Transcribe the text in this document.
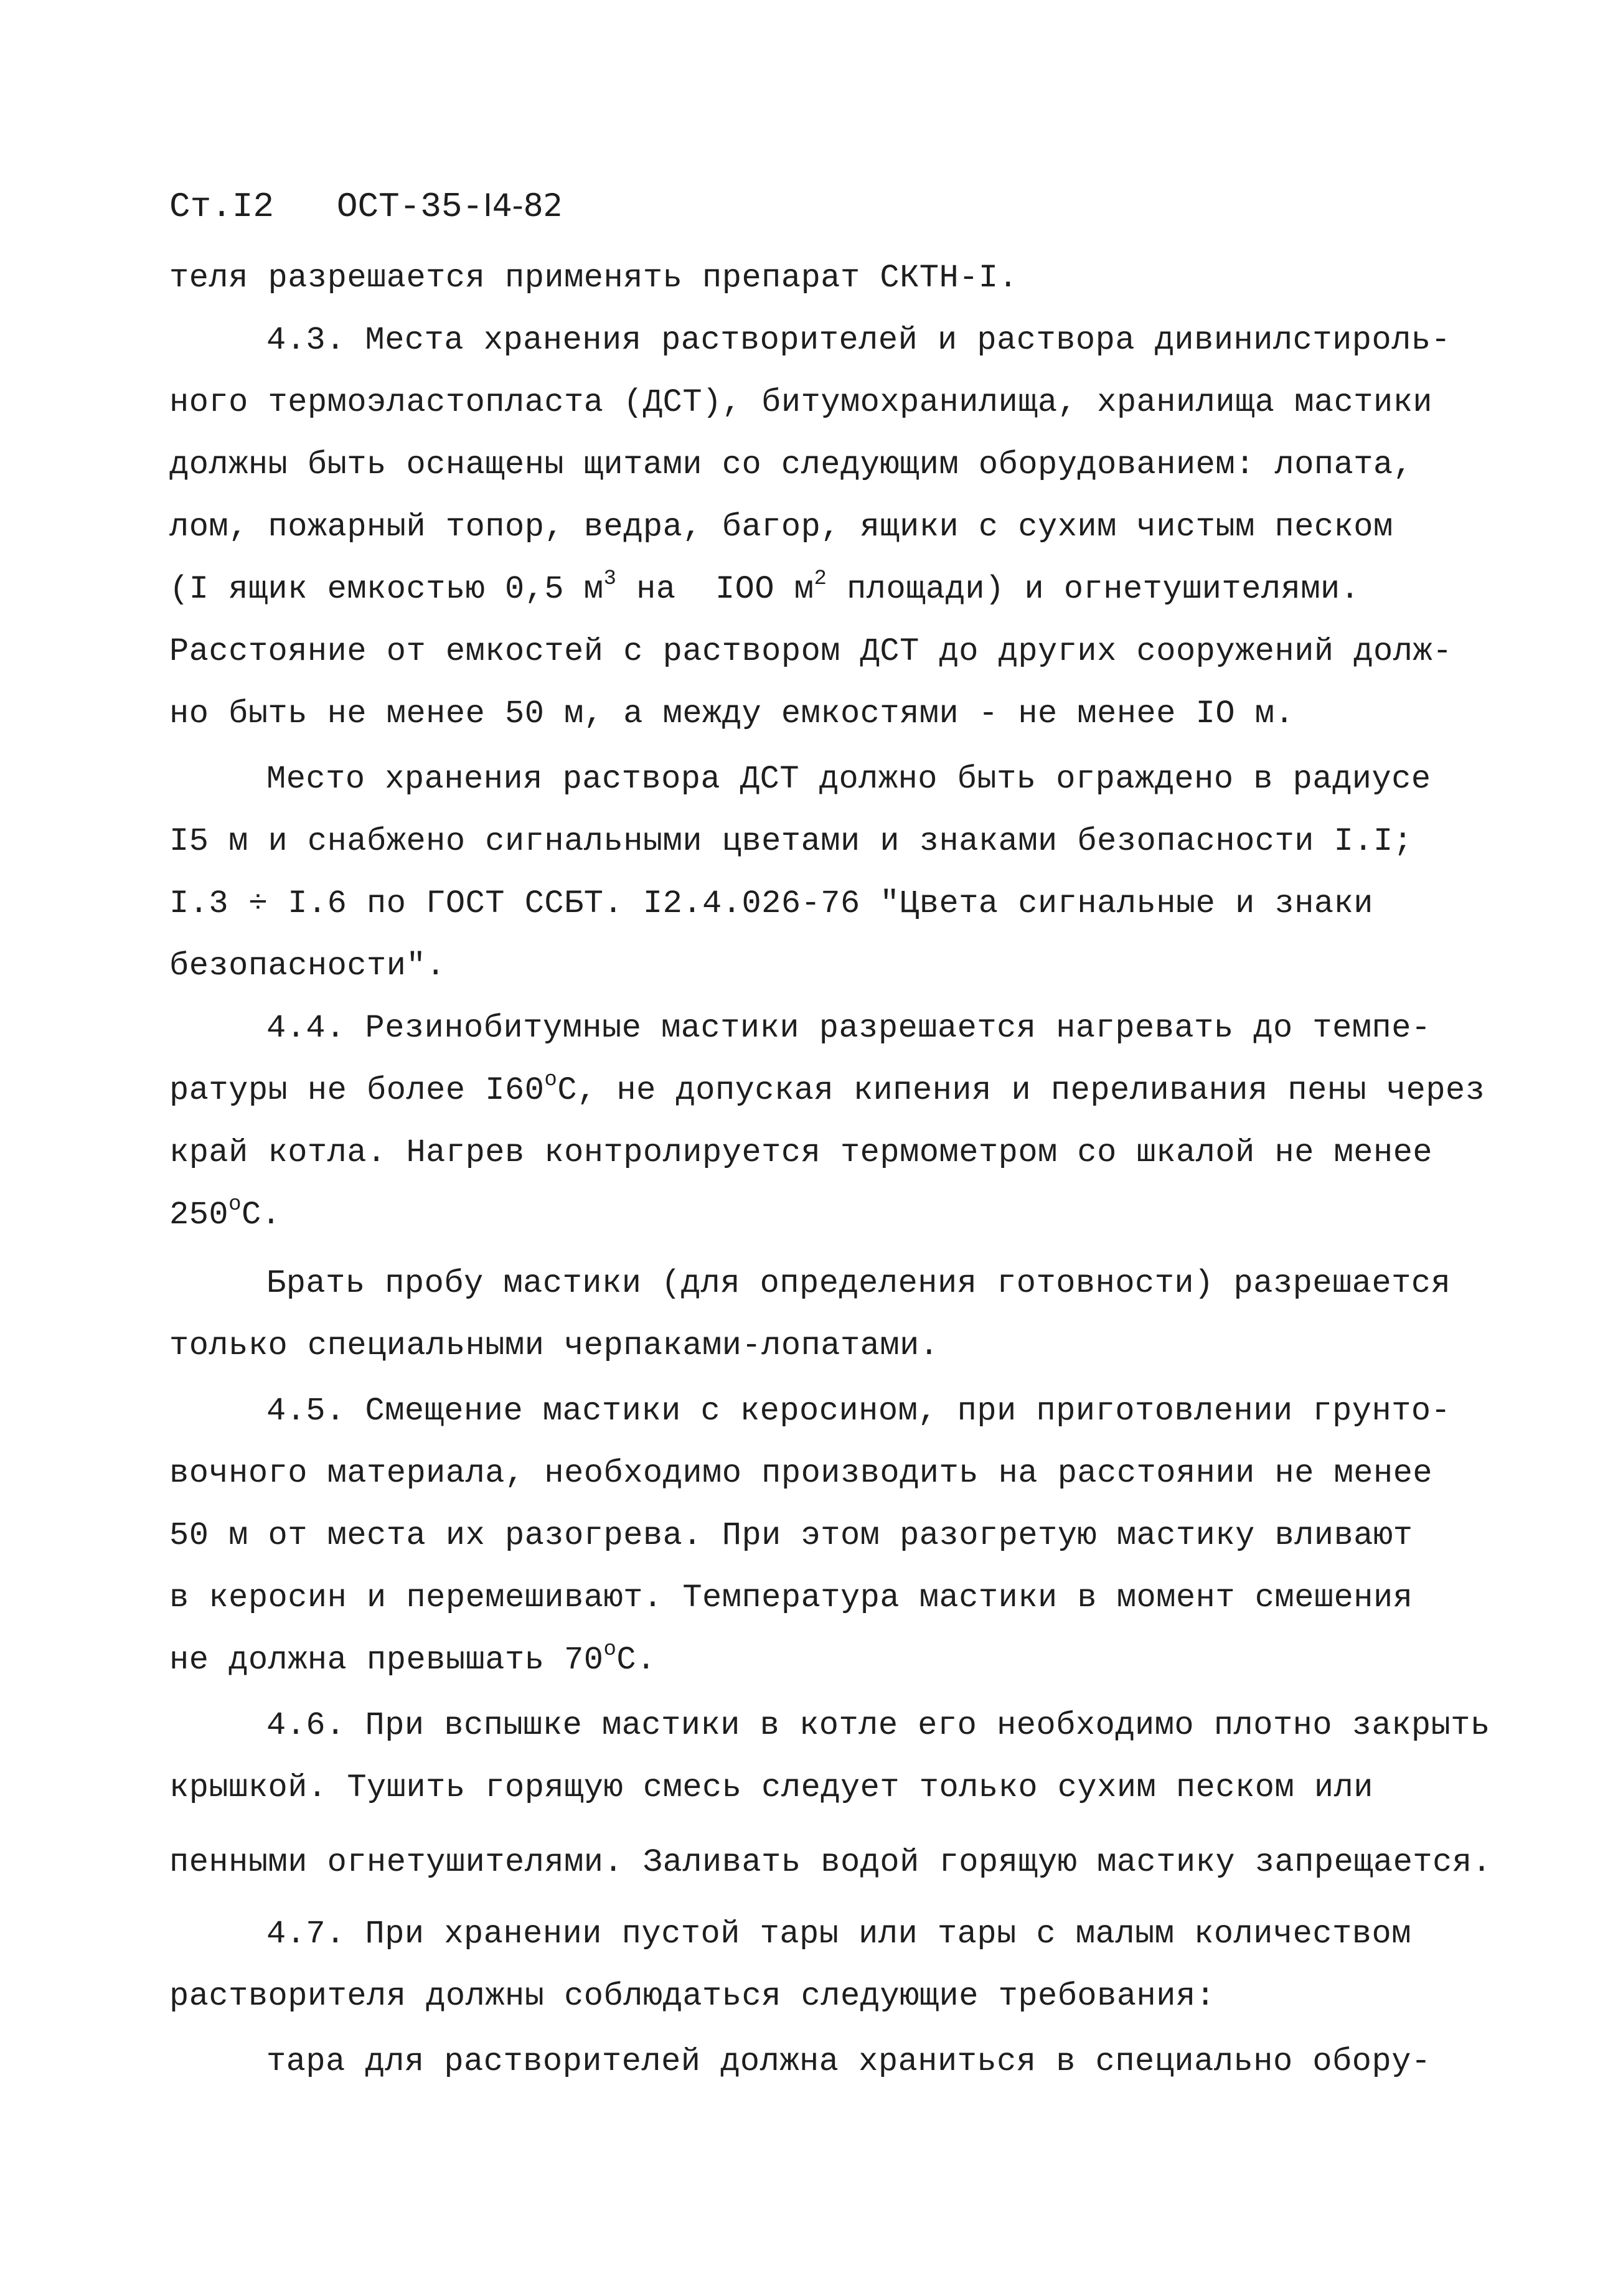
Ст.I2 ОСТ-35-I4-82
теля разрешается применять препарат СКТН-I.
4.3. Места хранения растворителей и раствора дивинилстироль-
ного термоэластопласта (ДСТ), битумохранилища, хранилища мастики
должны быть оснащены щитами со следующим оборудованием: лопата,
лом, пожарный топор, ведра, багор, ящики с сухим чистым песком
(I ящик емкостью 0,5 $м^3$ на  IOO $м^2$ площади) и огнетушителями.
Расстояние от емкостей с раствором ДСТ до других сооружений долж-
но быть не менее 50 м, а между емкостями - не менее IO м.
Место хранения раствора ДСТ должно быть ограждено в радиусе
I5 м и снабжено сигнальными цветами и знаками безопасности I.I;
I.3 ÷ I.6 по ГОСТ ССБТ. I2.4.026-76 "Цвета сигнальные и знаки
безопасности".
4.4. Резинобитумные мастики разрешается нагревать до темпе-
ратуры не более I60$^o$С, не допуская кипения и переливания пены через
край котла. Нагрев контролируется термометром со шкалой не менее
250$^o$С.
Брать пробу мастики (для определения готовности) разрешается
только специальными черпаками-лопатами.
4.5. Смещение мастики с керосином, при приготовлении грунто-
вочного материала, необходимо производить на расстоянии не менее
50 м от места их разогрева. При этом разогретую мастику вливают
в керосин и перемешивают. Температура мастики в момент смешения
не должна превышать 70$^o$С.
4.6. При вспышке мастики в котле его необходимо плотно закрыть
крышкой. Тушить горящую смесь следует только сухим песком или
пенными огнетушителями. Заливать водой горящую мастику запрещается.
4.7. При хранении пустой тары или тары с малым количеством
растворителя должны соблюдаться следующие требования:
тара для растворителей должна храниться в специально обору-
